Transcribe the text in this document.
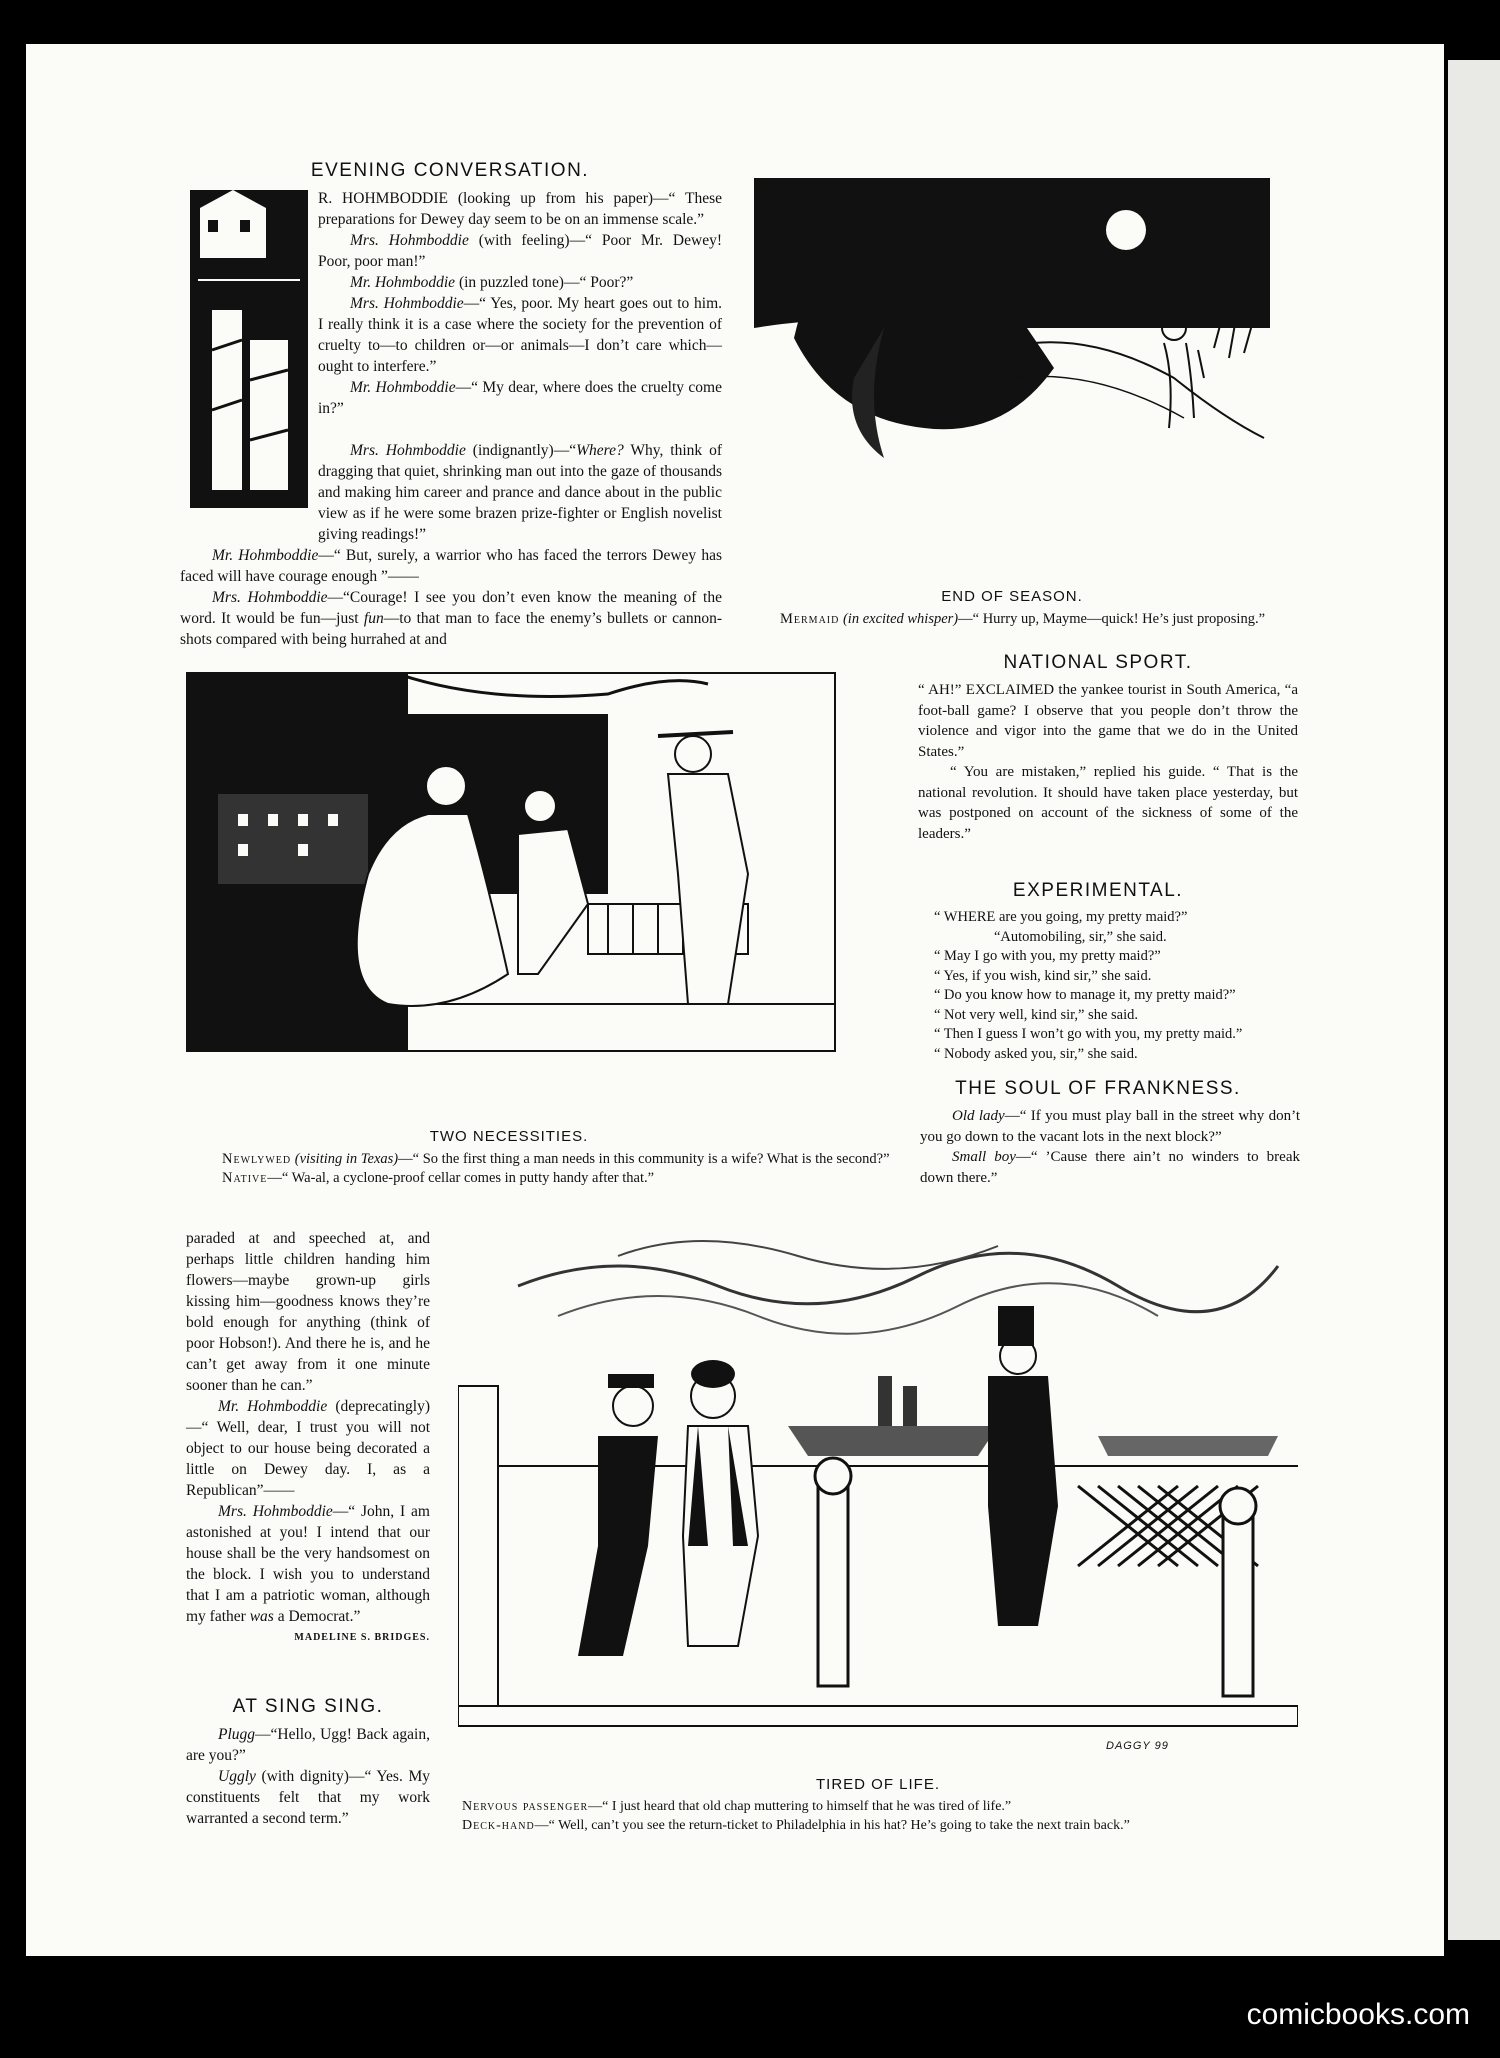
EVENING CONVERSATION.

R. HOHMBODDIE (looking up from his paper)—“ These preparations for Dewey day seem to be on an immense scale.”

Mrs. Hohmboddie (with feeling)—“ Poor Mr. Dewey! Poor, poor man!”

Mr. Hohmboddie (in puzzled tone)—“ Poor?”

Mrs. Hohmboddie—“ Yes, poor. My heart goes out to him. I really think it is a case where the society for the prevention of cruelty to—to children or—or animals—I don’t care which—ought to interfere.”

Mr. Hohmboddie—“ My dear, where does the cruelty come in?”

Mrs. Hohmboddie (indignantly)—“Where? Why, think of dragging that quiet, shrinking man out into the gaze of thousands and making him career and prance and dance about in the public view as if he were some brazen prize-fighter or English novelist giving readings!”

Mr. Hohmboddie—“ But, surely, a warrior who has faced the terrors Dewey has faced will have courage enough ”——

Mrs. Hohmboddie—“Courage! I see you don’t even know the meaning of the word. It would be fun—just fun—to that man to face the enemy’s bullets or cannon-shots compared with being hurrahed at and

END OF SEASON.
Mermaid (in excited whisper)—“ Hurry up, Mayme—quick! He’s just proposing.”
NATIONAL SPORT.

“ AH!” EXCLAIMED the yankee tourist in South America, “a foot-ball game? I observe that you people don’t throw the violence and vigor into the game that we do in the United States.”

“ You are mistaken,” replied his guide. “ That is the national revolution. It should have taken place yesterday, but was postponed on account of the sickness of some of the leaders.”

EXPERIMENTAL.

“ WHERE are you going, my pretty maid?”

“Automobiling, sir,” she said.

“ May I go with you, my pretty maid?”

“ Yes, if you wish, kind sir,” she said.

“ Do you know how to manage it, my pretty maid?”

“ Not very well, kind sir,” she said.

“ Then I guess I won’t go with you, my pretty maid.”

“ Nobody asked you, sir,” she said.

THE SOUL OF FRANKNESS.

Old lady—“ If you must play ball in the street why don’t you go down to the vacant lots in the next block?”

Small boy—“ ’Cause there ain’t no winders to break down there.”

TWO NECESSITIES.
Newlywed (visiting in Texas)—“ So the first thing a man needs in this community is a wife? What is the second?”
Native—“ Wa-al, a cyclone-proof cellar comes in putty handy after that.”

paraded at and speeched at, and perhaps little children handing him flowers—maybe grown-up girls kissing him—goodness knows they’re bold enough for anything (think of poor Hobson!). And there he is, and he can’t get away from it one minute sooner than he can.”

Mr. Hohmboddie (deprecatingly)—“ Well, dear, I trust you will not object to our house being decorated a little on Dewey day. I, as a Republican”——

Mrs. Hohmboddie—“ John, I am astonished at you! I intend that our house shall be the very handsomest on the block. I wish you to understand that I am a patriotic woman, although my father was a Democrat.”

MADELINE S. BRIDGES.

AT SING SING.

Plugg—“Hello, Ugg! Back again, are you?”

Uggly (with dignity)—“ Yes. My constituents felt that my work warranted a second term.”

DAGGY 99
TIRED OF LIFE.
Nervous passenger—“ I just heard that old chap muttering to himself that he was tired of life.”
Deck-hand—“ Well, can’t you see the return-ticket to Philadelphia in his hat? He’s going to take the next train back.”
comicbooks.com
